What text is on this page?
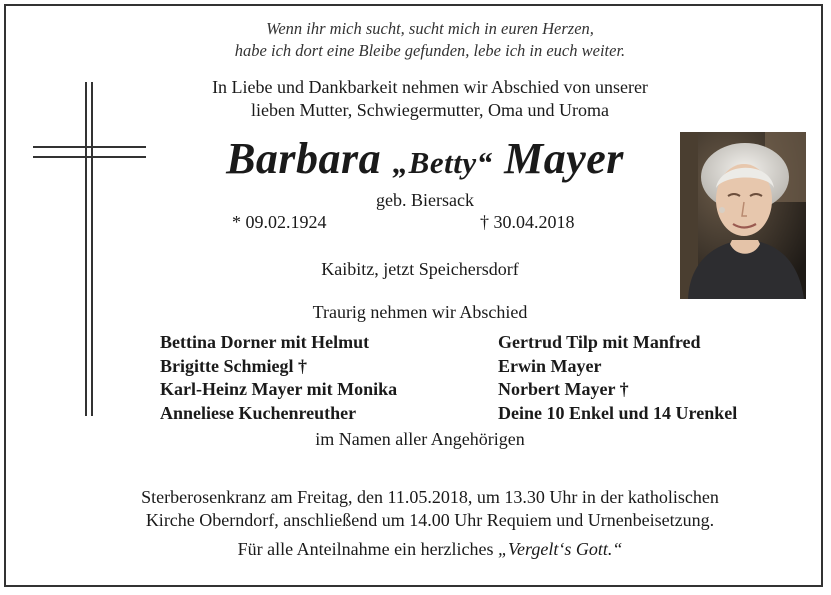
Wenn ihr mich sucht, sucht mich in euren Herzen,
habe ich dort eine Bleibe gefunden, lebe ich in euch weiter.
In Liebe und Dankbarkeit nehmen wir Abschied von unserer
lieben Mutter, Schwiegermutter, Oma und Uroma
Barbara „Betty“ Mayer
geb. Biersack
* 09.02.1924	† 30.04.2018
Kaibitz, jetzt Speichersdorf
Traurig nehmen wir Abschied
Bettina Dorner mit Helmut
Brigitte Schmiegl †
Karl-Heinz Mayer mit Monika
Anneliese Kuchenreuther
Gertrud Tilp mit Manfred
Erwin Mayer
Norbert Mayer †
Deine 10 Enkel und 14 Urenkel
im Namen aller Angehörigen
Sterberosenkranz am Freitag, den 11.05.2018, um 13.30 Uhr in der katholischen
Kirche Oberndorf, anschließend um 14.00 Uhr Requiem und Urnenbeisetzung.
Für alle Anteilnahme ein herzliches „Vergelt‘s Gott.“
